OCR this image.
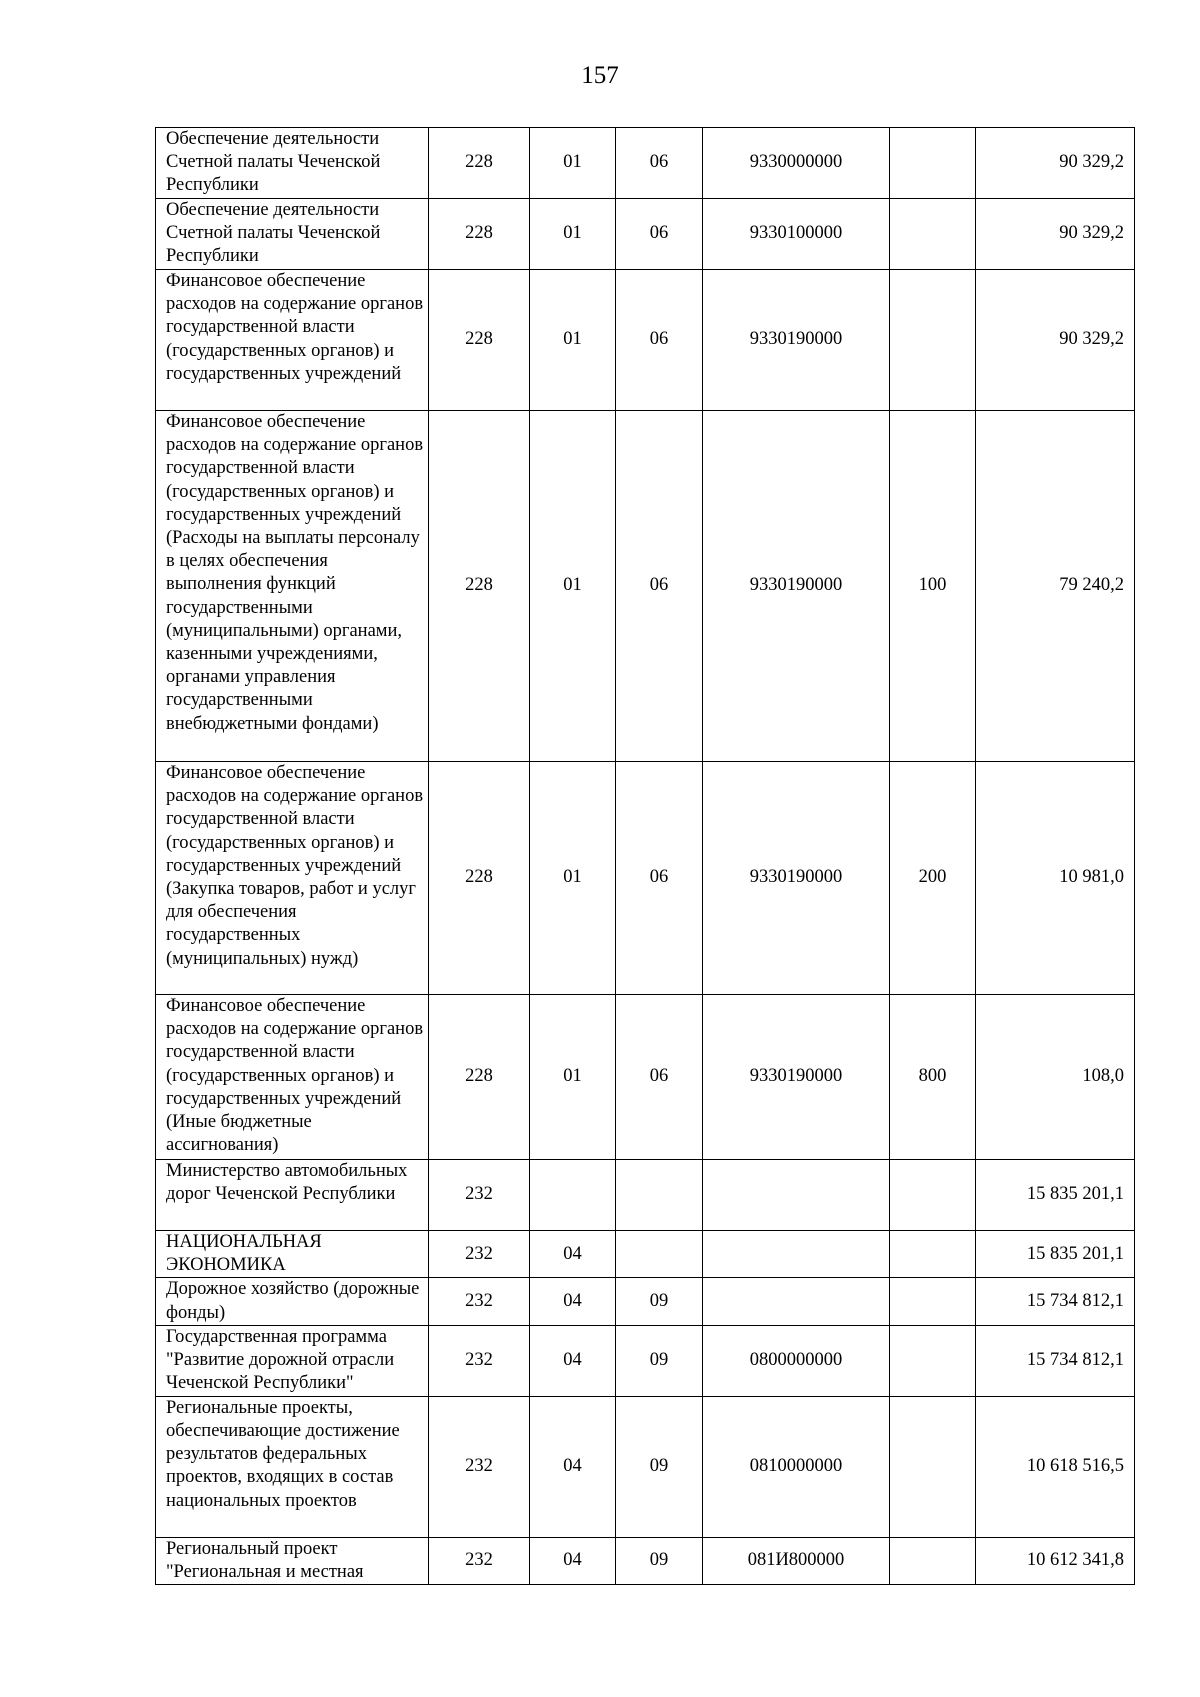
157
Обеспечение деятельности Счетной палаты Чеченской Республики	228	01	06	9330000000		90 329,2
Обеспечение деятельности Счетной палаты Чеченской Республики	228	01	06	9330100000		90 329,2
Финансовое обеспечение расходов на содержание органов государственной власти (государственных органов) и государственных учреждений	228	01	06	9330190000		90 329,2
Финансовое обеспечение расходов на содержание органов государственной власти (государственных органов) и государственных учреждений (Расходы на выплаты персоналу в целях обеспечения выполнения функций государственными (муниципальными) органами, казенными учреждениями, органами управления государственными внебюджетными фондами)	228	01	06	9330190000	100	79 240,2
Финансовое обеспечение расходов на содержание органов государственной власти (государственных органов) и государственных учреждений (Закупка товаров, работ и услуг для обеспечения государственных (муниципальных) нужд)	228	01	06	9330190000	200	10 981,0
Финансовое обеспечение расходов на содержание органов государственной власти (государственных органов) и государственных учреждений (Иные бюджетные ассигнования)	228	01	06	9330190000	800	108,0
Министерство автомобильных дорог Чеченской Республики	232					15 835 201,1
НАЦИОНАЛЬНАЯ ЭКОНОМИКА	232	04				15 835 201,1
Дорожное хозяйство (дорожные фонды)	232	04	09			15 734 812,1
Государственная программа "Развитие дорожной отрасли Чеченской Республики"	232	04	09	0800000000		15 734 812,1
Региональные проекты, обеспечивающие достижение результатов федеральных проектов, входящих в состав национальных проектов	232	04	09	0810000000		10 618 516,5
Региональный проект "Региональная и местная	232	04	09	081И800000		10 612 341,8
